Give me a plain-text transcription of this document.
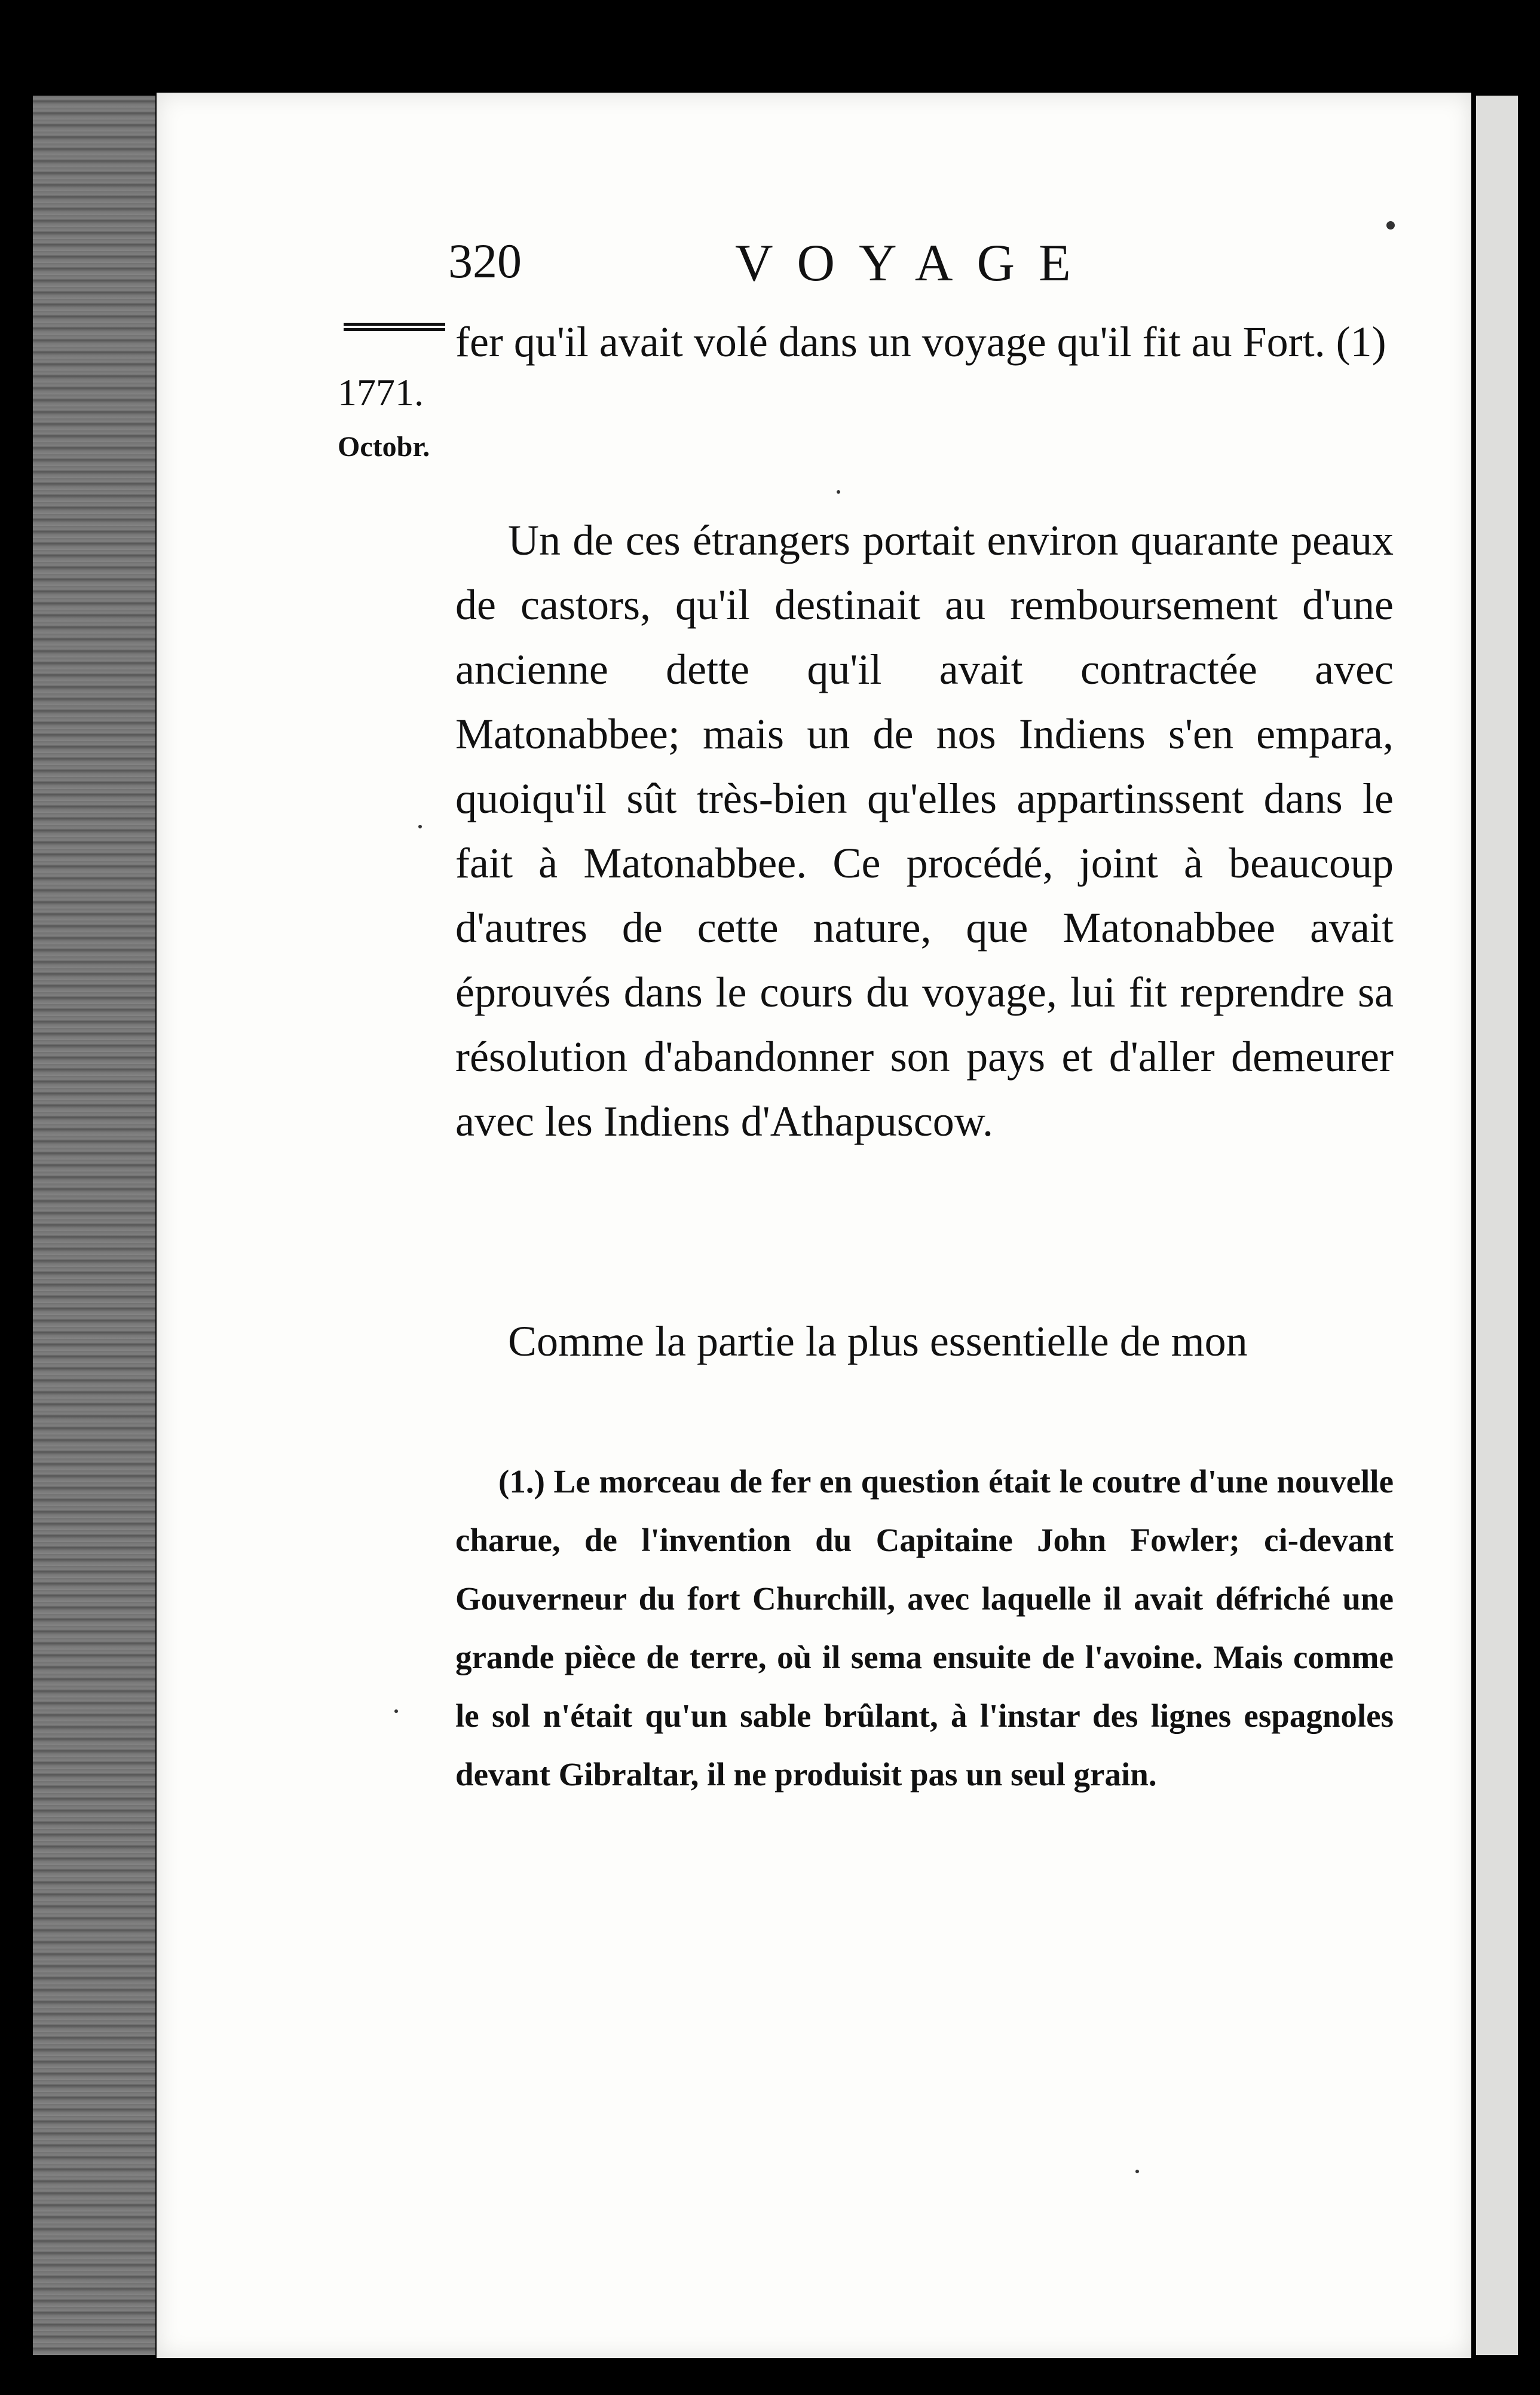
320	VOYAGE
1771.
Octobr.
fer qu'il avait volé dans un voyage qu'il fit au Fort. (1)
Un de ces étrangers portait environ quarante peaux de castors, qu'il destinait au remboursement d'une ancienne dette qu'il avait contractée avec Matonabbee; mais un de nos Indiens s'en empara, quoiqu'il sût très-bien qu'elles appartinssent dans le fait à Matonabbee. Ce procédé, joint à beaucoup d'autres de cette nature, que Matonabbee avait éprouvés dans le cours du voyage, lui fit reprendre sa résolution d'abandonner son pays et d'aller demeurer avec les Indiens d'Athapuscow.
Comme la partie la plus essentielle de mon
(1.) Le morceau de fer en question était le coutre d'une nouvelle charue, de l'invention du Capitaine John Fowler; ci-devant Gouverneur du fort Churchill, avec laquelle il avait défriché une grande pièce de terre, où il sema ensuite de l'avoine. Mais comme le sol n'était qu'un sable brûlant, à l'instar des lignes espagnoles devant Gibraltar, il ne produisit pas un seul grain.
